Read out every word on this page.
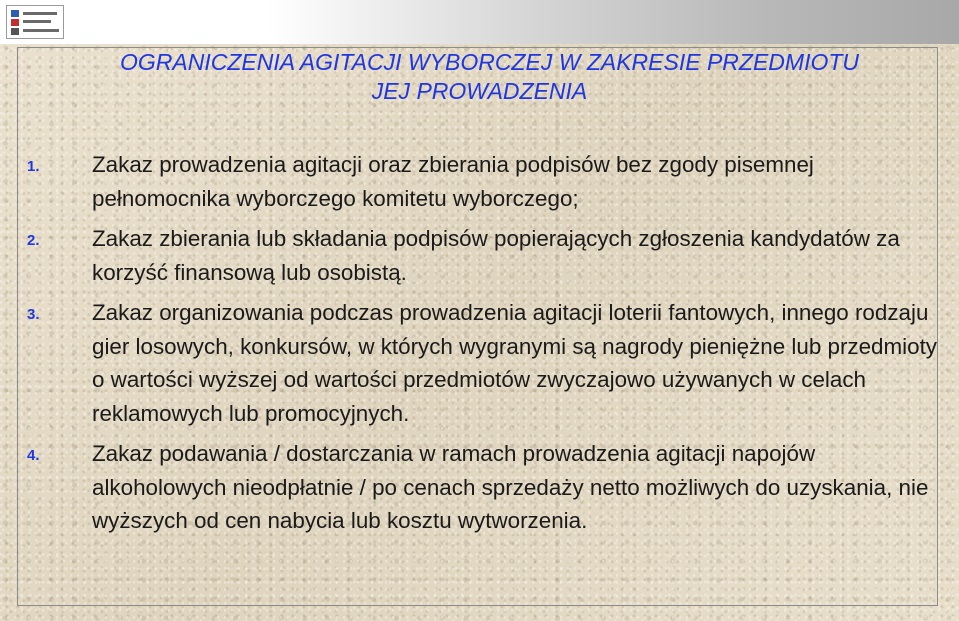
OGRANICZENIA AGITACJI WYBORCZEJ W ZAKRESIE PRZEDMIOTU
JEJ PROWADZENIA
1. Zakaz prowadzenia agitacji oraz zbierania podpisów bez zgody pisemnej pełnomocnika wyborczego komitetu wyborczego;
2. Zakaz zbierania lub składania podpisów popierających zgłoszenia kandydatów za korzyść finansową lub osobistą.
3. Zakaz organizowania podczas prowadzenia agitacji loterii fantowych, innego rodzaju gier losowych, konkursów, w których wygranymi są nagrody pieniężne lub przedmioty o wartości wyższej od wartości przedmiotów zwyczajowo używanych w celach reklamowych lub promocyjnych.
4. Zakaz podawania / dostarczania w ramach prowadzenia agitacji napojów alkoholowych nieodpłatnie / po cenach sprzedaży netto możliwych do uzyskania, nie wyższych od cen nabycia lub kosztu wytworzenia.
